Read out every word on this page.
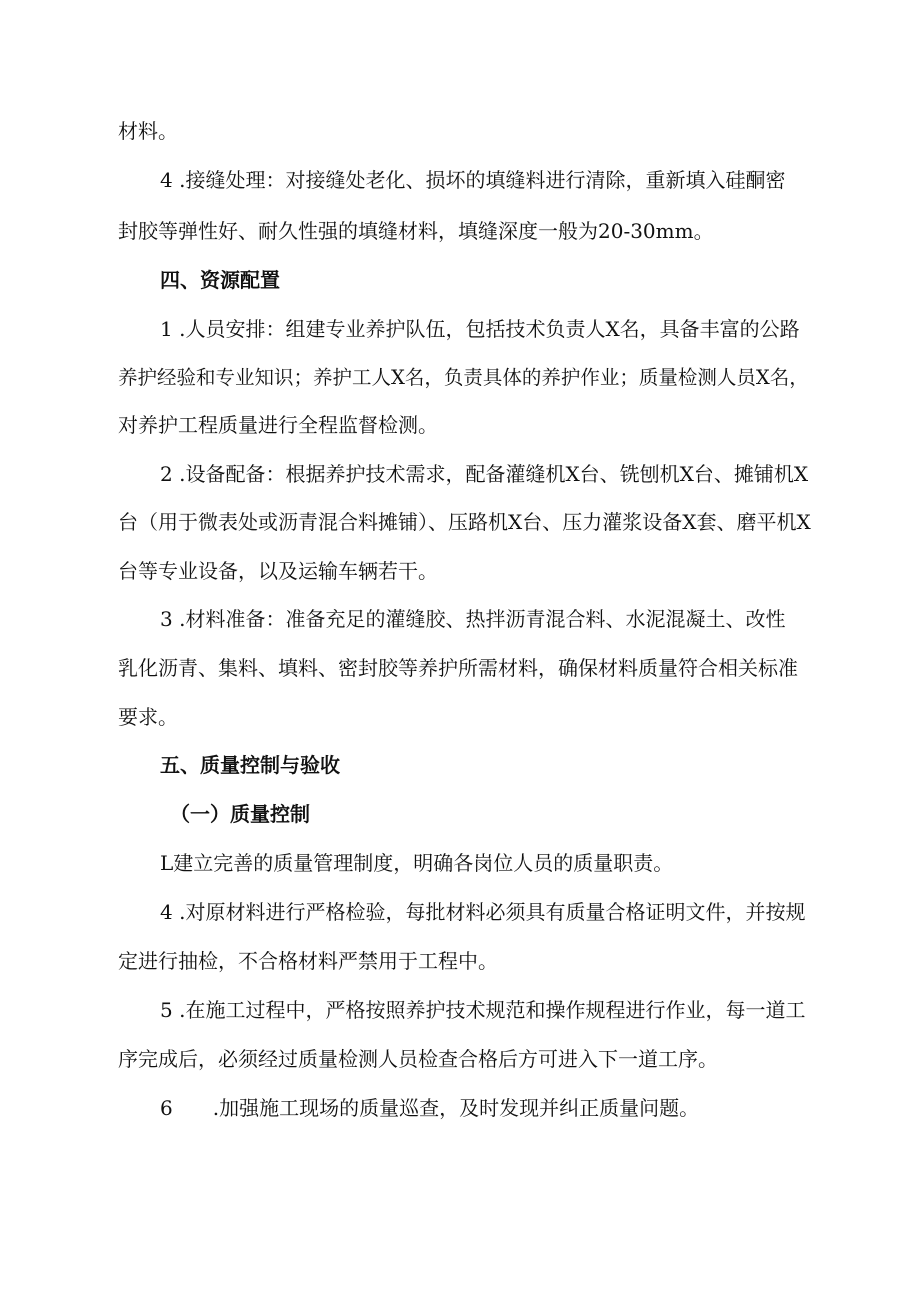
材料。

4 .接缝处理：对接缝处老化、损坏的填缝料进行清除，重新填入硅酮密

封胶等弹性好、耐久性强的填缝材料，填缝深度一般为20-30mm。

四、资源配置

1 .人员安排：组建专业养护队伍，包括技术负责人X名，具备丰富的公路

养护经验和专业知识；养护工人X名，负责具体的养护作业；质量检测人员X名，

对养护工程质量进行全程监督检测。

2 .设备配备：根据养护技术需求，配备灌缝机X台、铣刨机X台、摊铺机X

台（用于微表处或沥青混合料摊铺）、压路机X台、压力灌浆设备X套、磨平机X

台等专业设备，以及运输车辆若干。

3 .材料准备：准备充足的灌缝胶、热拌沥青混合料、水泥混凝土、改性

乳化沥青、集料、填料、密封胶等养护所需材料，确保材料质量符合相关标准

要求。

五、质量控制与验收

（一）质量控制

L建立完善的质量管理制度，明确各岗位人员的质量职责。

4 .对原材料进行严格检验，每批材料必须具有质量合格证明文件，并按规

定进行抽检，不合格材料严禁用于工程中。

5 .在施工过程中，严格按照养护技术规范和操作规程进行作业，每一道工

序完成后，必须经过质量检测人员检查合格后方可进入下一道工序。

6　　.加强施工现场的质量巡查，及时发现并纠正质量问题。
